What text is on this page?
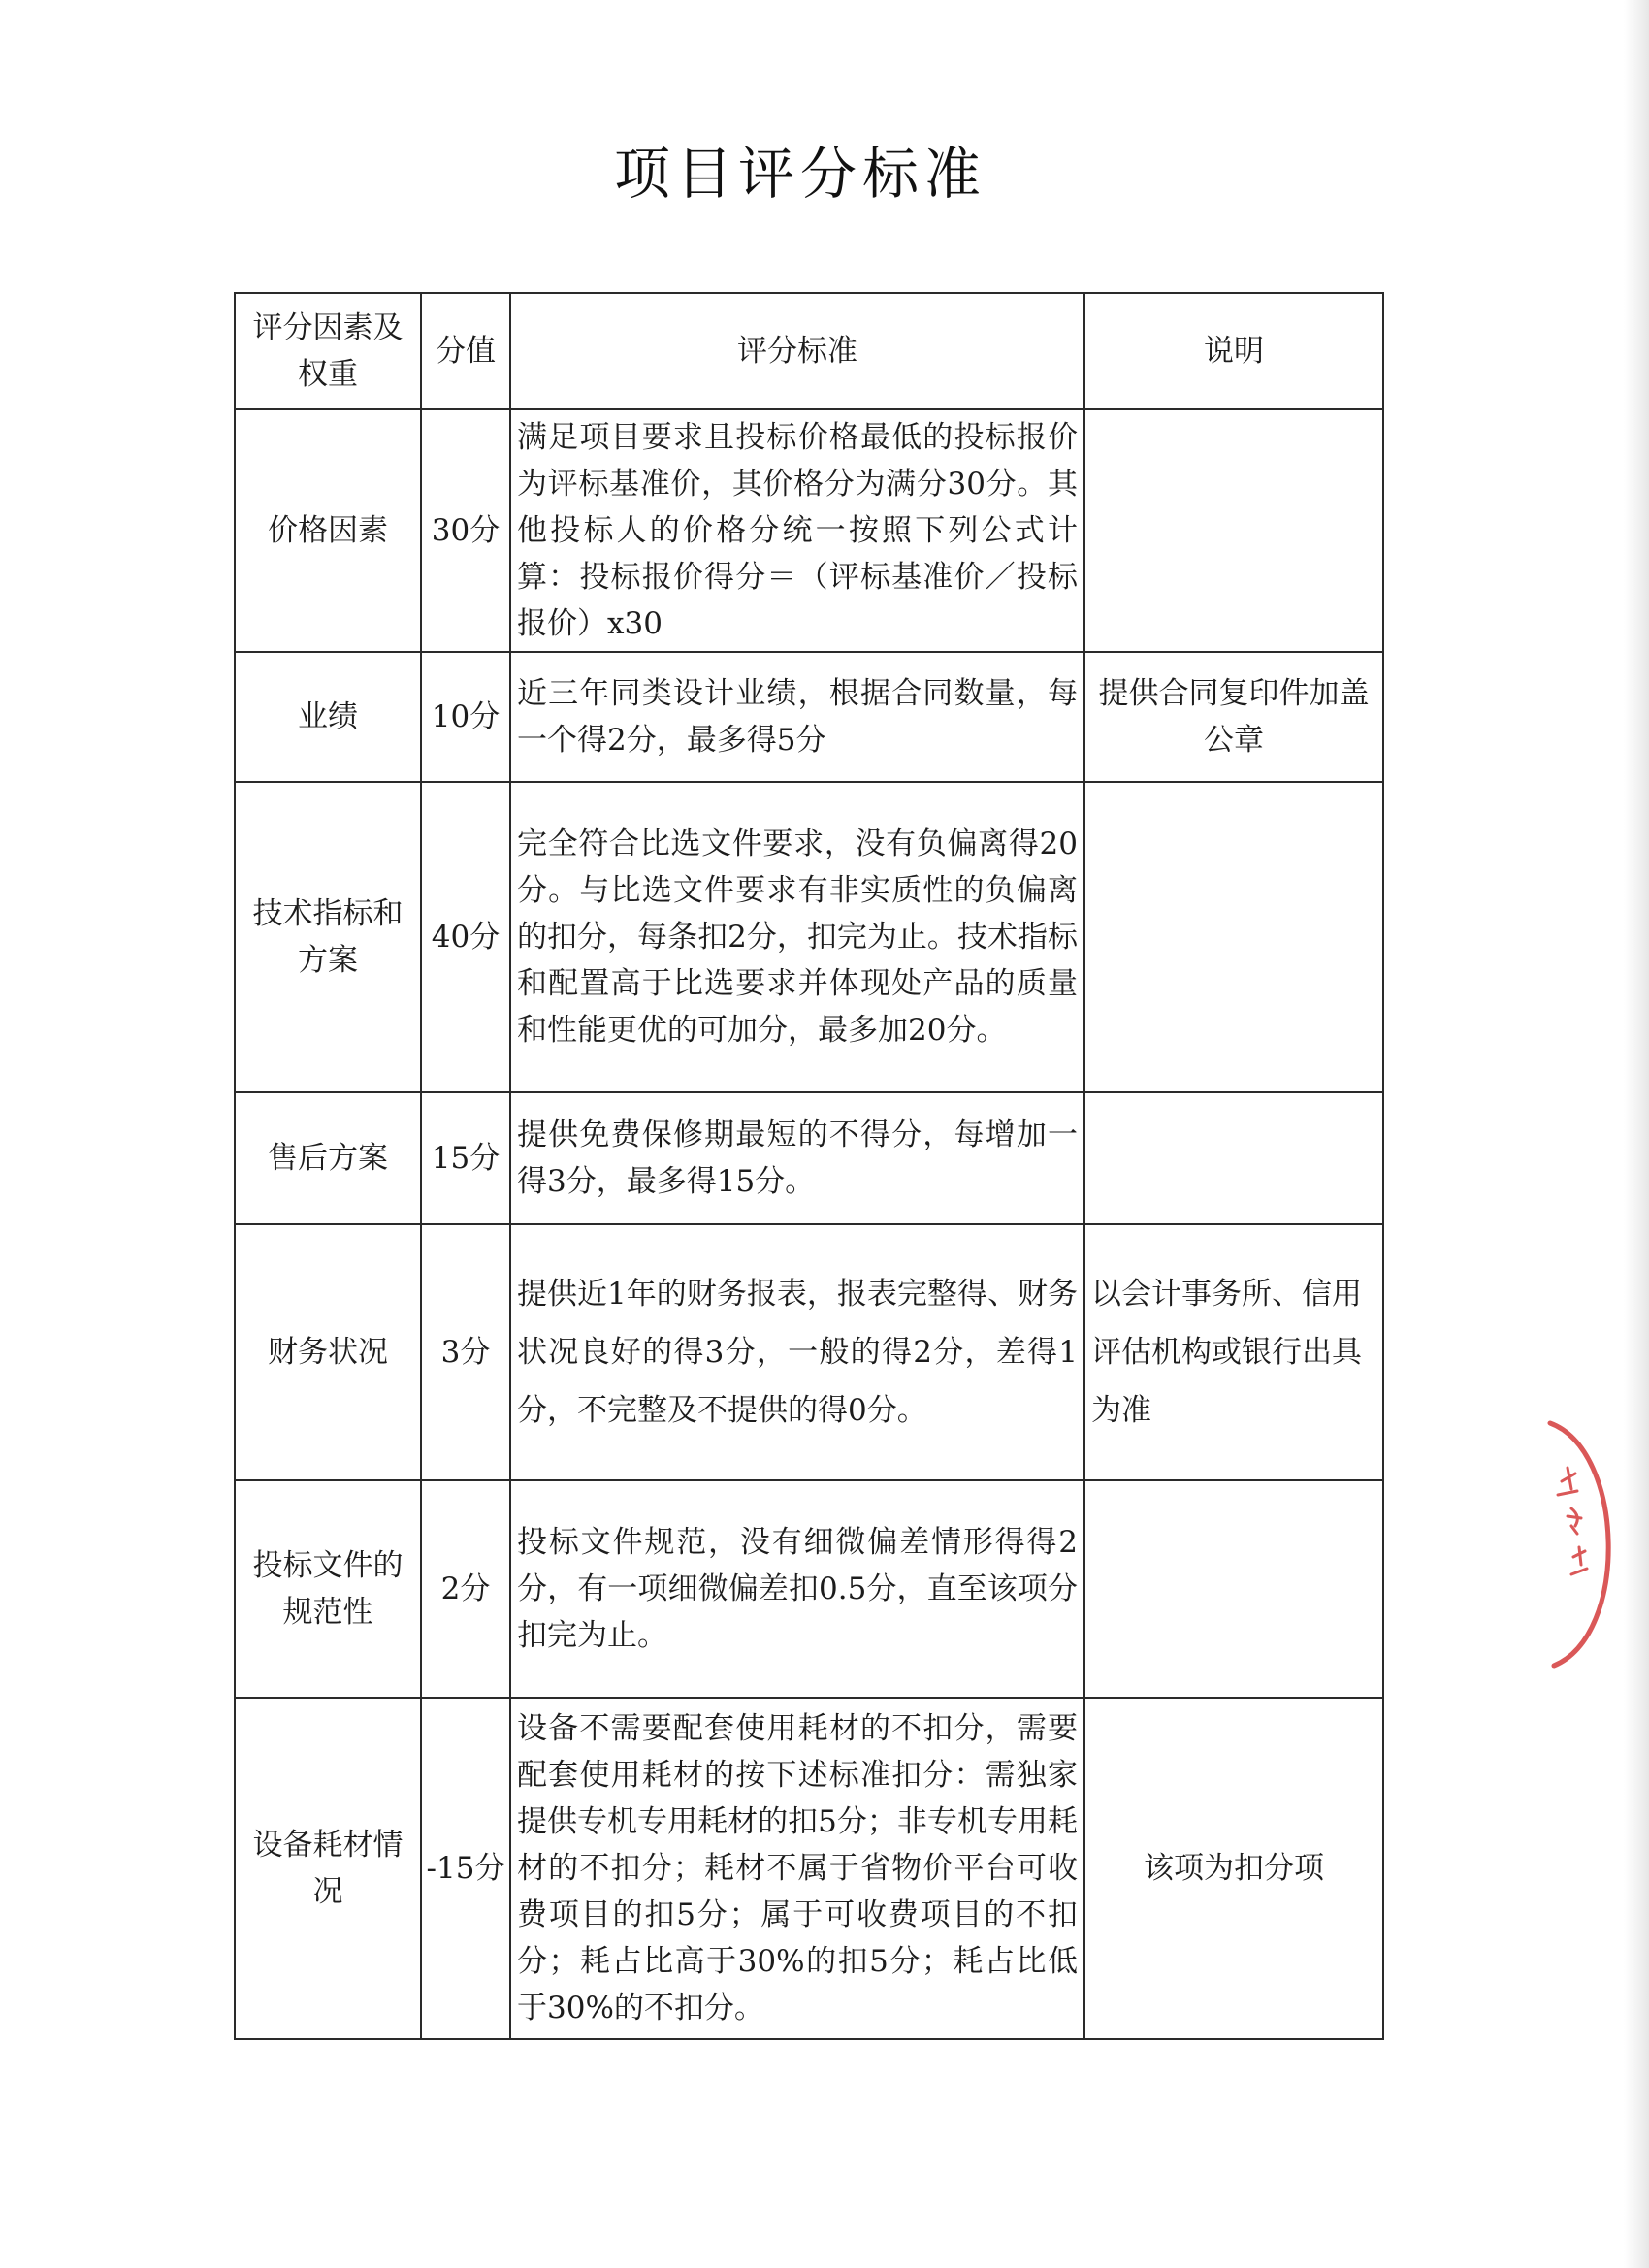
项目评分标准
评分因素及权重	分值	评分标准	说明
价格因素	30分	满足项目要求且投标价格最低的投标报价为评标基准价，其价格分为满分30分。其他投标人的价格分统一按照下列公式计算：投标报价得分＝（评标基准价／投标报价）x30	
业绩	10分	近三年同类设计业绩，根据合同数量，每一个得2分，最多得5分	提供合同复印件加盖公章
技术指标和方案	40分	完全符合比选文件要求，没有负偏离得20分。与比选文件要求有非实质性的负偏离的扣分，每条扣2分，扣完为止。技术指标和配置高于比选要求并体现处产品的质量和性能更优的可加分，最多加20分。	
售后方案	15分	提供免费保修期最短的不得分，每增加一得3分，最多得15分。	
财务状况	3分	提供近1年的财务报表，报表完整得、财务状况良好的得3分，一般的得2分，差得1分，不完整及不提供的得0分。	以会计事务所、信用评估机构或银行出具为准
投标文件的规范性	2分	投标文件规范，没有细微偏差情形得得2分，有一项细微偏差扣0.5分，直至该项分扣完为止。	
设备耗材情况	-15分	设备不需要配套使用耗材的不扣分，需要配套使用耗材的按下述标准扣分：需独家提供专机专用耗材的扣5分；非专机专用耗材的不扣分；耗材不属于省物价平台可收费项目的扣5分；属于可收费项目的不扣分；耗占比高于30%的扣5分；耗占比低于30%的不扣分。	该项为扣分项
